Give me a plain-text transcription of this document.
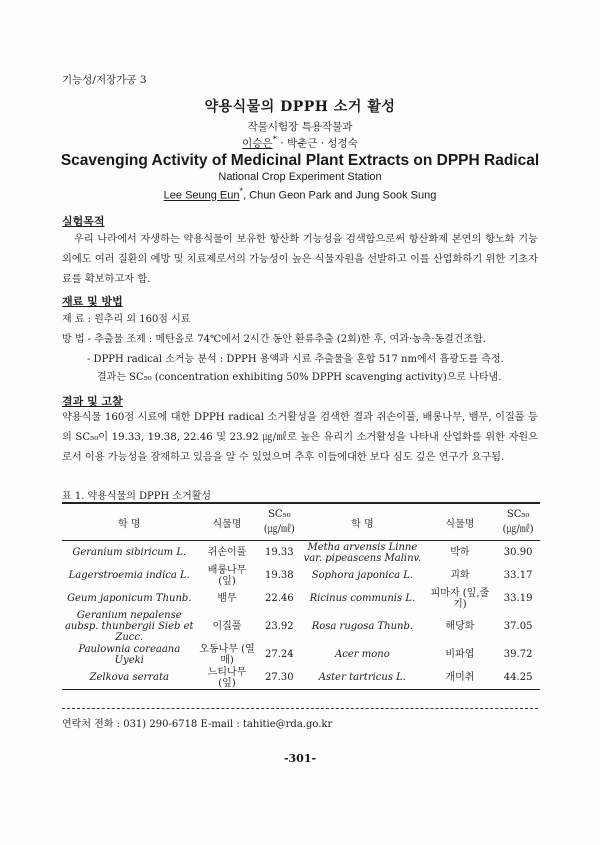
기능성/저장가공 3
약용식물의 DPPH 소거 활성
작물시험장 특용작물과
이승은* · 박춘근 · 성정숙
Scavenging Activity of Medicinal Plant Extracts on DPPH Radical
National Crop Experiment Station
Lee Seung Eun*, Chun Geon Park and Jung Sook Sung
실험목적
우리 나라에서 자생하는 약용식물이 보유한 항산화 기능성을 검색함으로써 항산화제 본연의 항노화 기능 외에도 여러 질환의 예방 및 치료제로서의 가능성이 높은 식물자원을 선발하고 이를 산업화하기 위한 기초자료를 확보하고자 함.
재료 및 방법
재 료 : 원추리 외 160점 시료
방 법 - 추출물 조제 : 메탄올로 74℃에서 2시간 동안 환류추출 (2회)한 후, 여과·농축·동결건조함.
- DPPH radical 소거능 분석 : DPPH 용액과 시료 추출물을 혼합 517 nm에서 흡광도를 측정.
결과는 SC₅₀ (concentration exhibiting 50% DPPH scavenging activity)으로 나타냄.
결과 및 고찰
약용식물 160점 시료에 대한 DPPH radical 소거활성을 검색한 결과 쥐손이풀, 배롱나무, 뱀무, 이질풀 등의 SC₅₀이 19.33, 19.38, 22.46 및 23.92 ㎍/㎖로 높은 유리기 소거활성을 나타내 산업화를 위한 자원으로서 이용 가능성을 잠재하고 있음을 알 수 있었으며 추후 이들에대한 보다 심도 깊은 연구가 요구됨.
표 1. 약용식물의 DPPH 소거활성
학 명	식물명	SC₅₀ (㎍/㎖)	학 명	식물명	SC₅₀ (㎍/㎖)
Geranium sibiricum L.	쥐손이풀	19.33	Metha arvensis Linne var. pipeascens Malinv.	박하	30.90
Lagerstroemia indica L.	배롱나무 (잎)	19.38	Sophora japonica L.	괴화	33.17
Geum japonicum Thunb.	뱀무	22.46	Ricinus communis L.	피마자 (잎,줄기)	33.19
Geranium nepalense aubsp. thunbergii Sieb et Zucc.	이질풀	23.92	Rosa rugosa Thunb.	해당화	37.05
Paulownia coreaana Uyeki	오동나무 (열매)	27.24	Acer mono	비파엽	39.72
Zelkova serrata	느티나무 (잎)	27.30	Aster tartricus L.	개미취	44.25
연락처 전화 : 031) 290-6718 E-mail : tahitie@rda.go.kr
-301-
